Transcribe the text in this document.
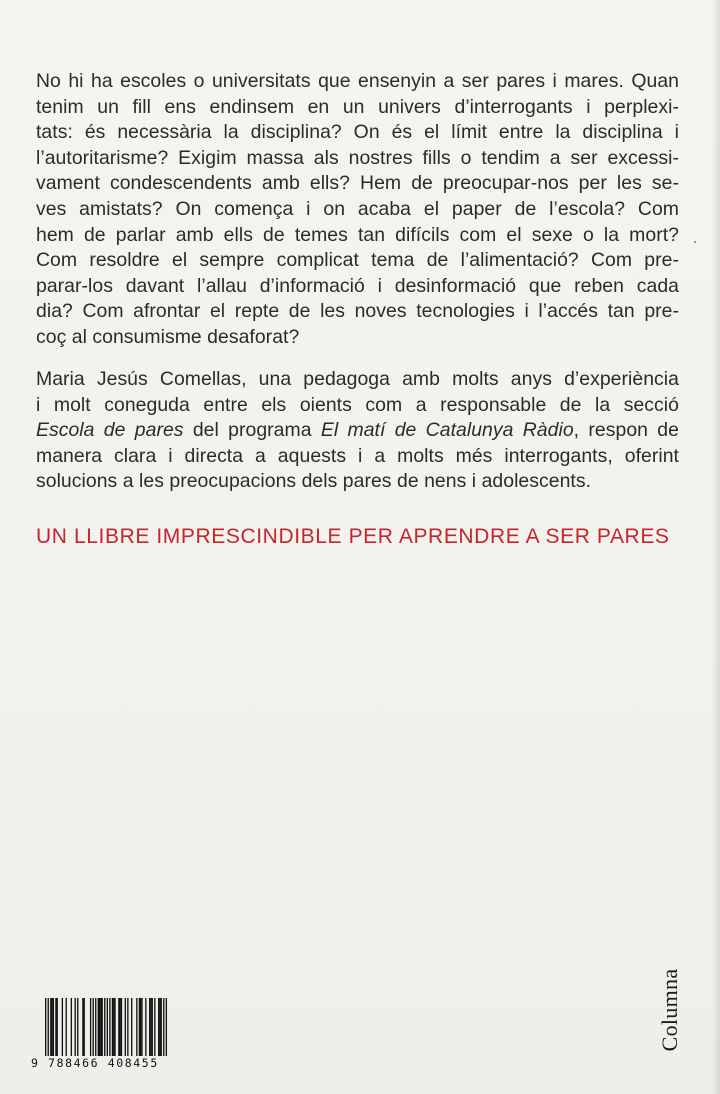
No hi ha escoles o universitats que ensenyin a ser pares i mares. Quan
tenim un fill ens endinsem en un univers d’interrogants i perplexi-
tats: és necessària la disciplina? On és el límit entre la disciplina i
l’autoritarisme? Exigim massa als nostres fills o tendim a ser excessi-
vament condescendents amb ells? Hem de preocupar-nos per les se-
ves amistats? On comença i on acaba el paper de l’escola? Com
hem de parlar amb ells de temes tan difícils com el sexe o la mort?
Com resoldre el sempre complicat tema de l’alimentació? Com pre-
parar-los davant l’allau d’informació i desinformació que reben cada
dia? Com afrontar el repte de les noves tecnologies i l’accés tan pre-
coç al consumisme desaforat?
Maria Jesús Comellas, una pedagoga amb molts anys d’experiència
i molt coneguda entre els oients com a responsable de la secció
Escola de pares del programa El matí de Catalunya Ràdio, respon de
manera clara i directa a aquests i a molts més interrogants, oferint
solucions a les preocupacions dels pares de nens i adolescents.
UN LLIBRE IMPRESCINDIBLE PER APRENDRE A SER PARES
9 788466 408455
Columna
